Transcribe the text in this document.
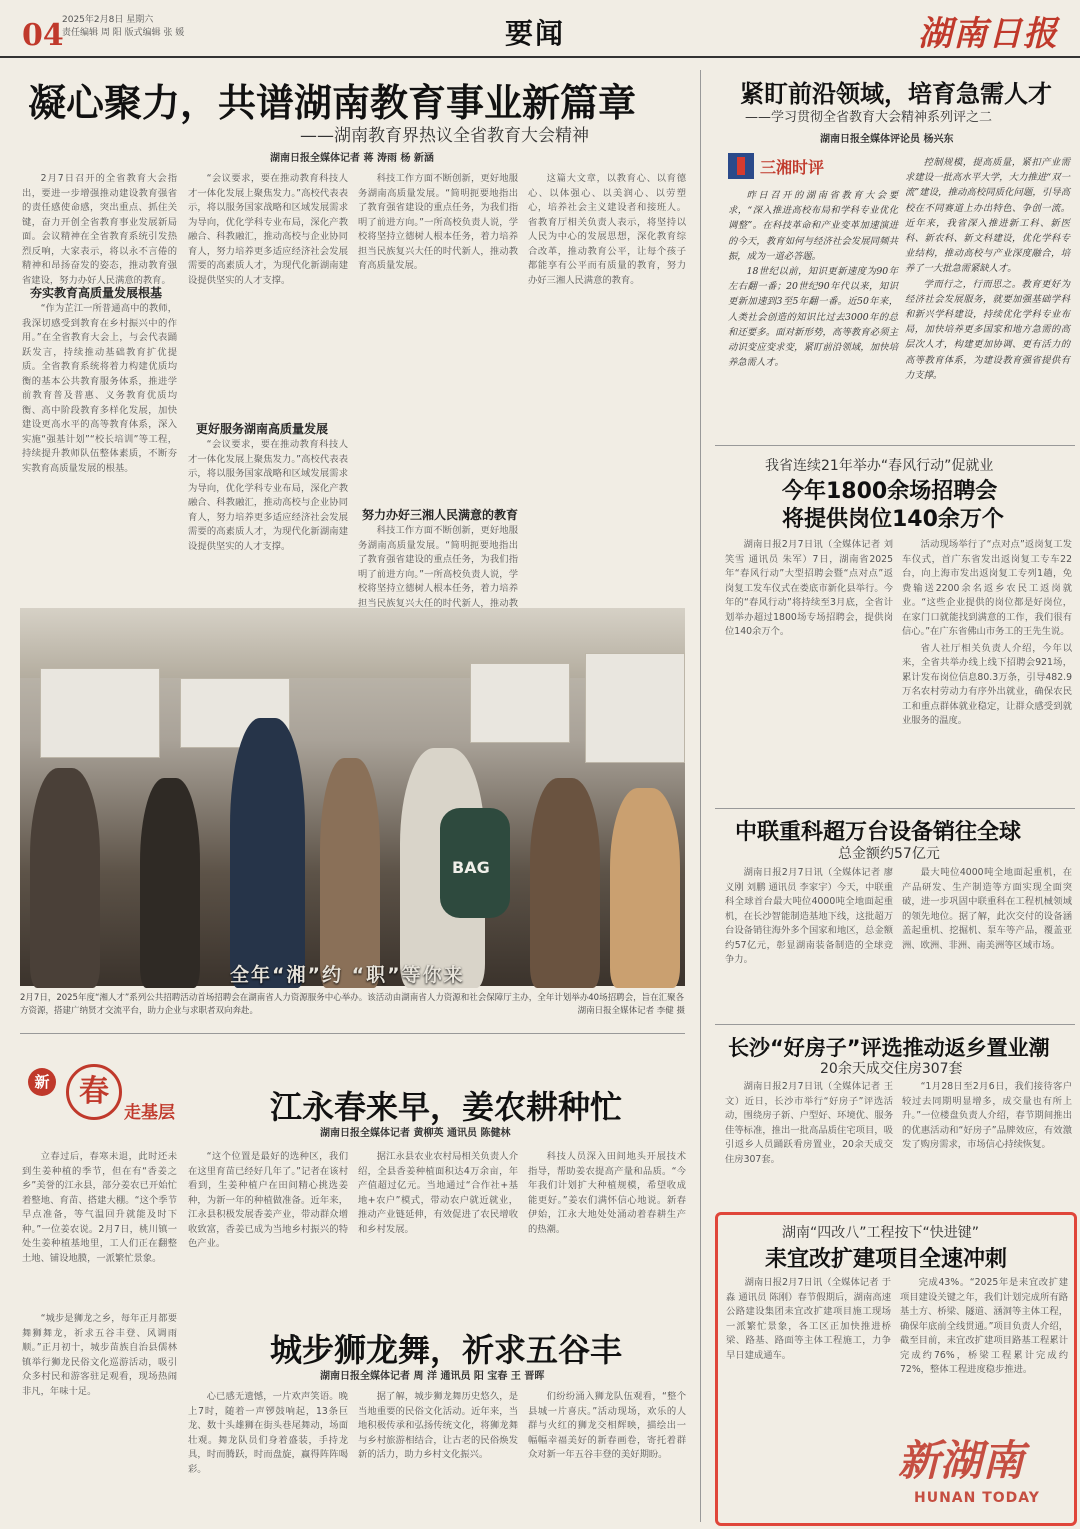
04
2025年2月8日 星期六
责任编辑 周 阳 版式编辑 张 媛	要闻	湖南日报
凝心聚力，共谱湖南教育事业新篇章
——湖南教育界热议全省教育大会精神
湖南日报全媒体记者 蒋 涛雨 杨 新涵

2月7日召开的全省教育大会指出，要进一步增强推动建设教育强省的责任感使命感，突出重点、抓住关键，奋力开创全省教育事业发展新局面。会议精神在全省教育系统引发热烈反响，大家表示，将以永不言倦的精神和昂扬奋发的姿态，推动教育强省建设，努力办好人民满意的教育。

夯实教育高质量发展根基

“作为芷江一所普通高中的教师，我深切感受到教育在乡村振兴中的作用。”在全省教育大会上，与会代表踊跃发言，持续推动基础教育扩优提质。全省教育系统将着力构建优质均衡的基本公共教育服务体系，推进学前教育普及普惠、义务教育优质均衡、高中阶段教育多样化发展，加快建设更高水平的高等教育体系，深入实施“强基计划”“校长培训”等工程，持续提升教师队伍整体素质，不断夯实教育高质量发展的根基。

“会议要求，要在推动教育科技人才一体化发展上聚焦发力。”高校代表表示，将以服务国家战略和区域发展需求为导向，优化学科专业布局，深化产教融合、科教融汇，推动高校与企业协同育人，努力培养更多适应经济社会发展需要的高素质人才，为现代化新湖南建设提供坚实的人才支撑。

更好服务湖南高质量发展

“会议要求，要在推动教育科技人才一体化发展上聚焦发力。”高校代表表示，将以服务国家战略和区域发展需求为导向，优化学科专业布局，深化产教融合、科教融汇，推动高校与企业协同育人，努力培养更多适应经济社会发展需要的高素质人才，为现代化新湖南建设提供坚实的人才支撑。

科技工作方面不断创新，更好地服务湖南高质量发展。“简明扼要地指出了教育强省建设的重点任务，为我们指明了前进方向。”一所高校负责人说，学校将坚持立德树人根本任务，着力培养担当民族复兴大任的时代新人，推动教育高质量发展。

努力办好三湘人民满意的教育

科技工作方面不断创新，更好地服务湖南高质量发展。“简明扼要地指出了教育强省建设的重点任务，为我们指明了前进方向。”一所高校负责人说，学校将坚持立德树人根本任务，着力培养担当民族复兴大任的时代新人，推动教

这篇大文章，以教育心、以育德心、以体强心、以美润心、以劳塑心，培养社会主义建设者和接班人。省教育厅相关负责人表示，将坚持以人民为中心的发展思想，深化教育综合改革，推动教育公平，让每个孩子都能享有公平而有质量的教育，努力办好三湘人民满意的教育。

BAG
全年“湘”约 “职”等你来
2月7日，2025年度“湘人才”系列公共招聘活动首场招聘会在湖南省人力资源服务中心举办。该活动由湖南省人力资源和社会保障厅主办，全年计划举办40场招聘会，旨在汇聚各方资源，搭建广纳贤才交流平台，助力企业与求职者双向奔赴。	湖南日报全媒体记者 李健 摄
紧盯前沿领域，培育急需人才
——学习贯彻全省教育大会精神系列评之二
湖南日报全媒体评论员 杨兴东
三湘时评

昨日召开的湖南省教育大会要求，“深入推进高校布局和学科专业优化调整”。在科技革命和产业变革加速演进的今天，教育如何与经济社会发展同频共振，成为一道必答题。

18世纪以前，知识更新速度为90年左右翻一番；20世纪90年代以来，知识更新加速到3至5年翻一番。近50年来，人类社会创造的知识比过去3000年的总和还要多。面对新形势，高等教育必须主动识变应变求变，紧盯前沿领域，加快培养急需人才。

控制规模，提高质量，紧扣产业需求建设一批高水平大学，大力推进“双一流”建设，推动高校同质化问题，引导高校在不同赛道上办出特色、争创一流。近年来，我省深入推进新工科、新医科、新农科、新文科建设，优化学科专业结构，推动高校与产业深度融合，培养了一大批急需紧缺人才。

学而行之，行而思之。教育更好为经济社会发展服务，就要加强基础学科和新兴学科建设，持续优化学科专业布局，加快培养更多国家和地方急需的高层次人才，构建更加协调、更有活力的高等教育体系，为建设教育强省提供有力支撑。

我省连续21年举办“春风行动”促就业
今年1800余场招聘会
将提供岗位140余万个

湖南日报2月7日讯（全媒体记者 刘笑雪 通讯员 朱军）7日，湖南省2025年“春风行动”大型招聘会暨“点对点”返岗复工发车仪式在娄底市新化县举行。今年的“春风行动”将持续至3月底，全省计划举办超过1800场专场招聘会，提供岗位140余万个。

活动现场举行了“点对点”返岗复工发车仪式，首广东省发出返岗复工专车22台，向上海市发出返岗复工专列1趟，免费输送2200余名返乡农民工返岗就业。“这些企业提供的岗位都是好岗位，在家门口就能找到满意的工作，我们很有信心。”在广东省佛山市务工的王先生说。

省人社厅相关负责人介绍，今年以来，全省共举办线上线下招聘会921场，累计发布岗位信息80.3万条，引导482.9万名农村劳动力有序外出就业，确保农民工和重点群体就业稳定，让群众感受到就业服务的温度。

中联重科超万台设备销往全球
总金额约57亿元

湖南日报2月7日讯（全媒体记者 廖义刚 刘鹏 通讯员 李家宇）今天，中联重科全球首台最大吨位4000吨全地面起重机，在长沙智能制造基地下线，这批超万台设备销往海外多个国家和地区，总金额约57亿元，彰显湖南装备制造的全球竞争力。

最大吨位4000吨全地面起重机，在产品研发、生产制造等方面实现全面突破，进一步巩固中联重科在工程机械领域的领先地位。据了解，此次交付的设备涵盖起重机、挖掘机、泵车等产品，覆盖亚洲、欧洲、非洲、南美洲等区域市场。

长沙“好房子”评选推动返乡置业潮
20余天成交住房307套

湖南日报2月7日讯（全媒体记者 王文）近日，长沙市举行“好房子”评选活动，围绕房子新、户型好、环境优、服务佳等标准，推出一批高品质住宅项目，吸引返乡人员踊跃看房置业，20余天成交住房307套。

“1月28日至2月6日，我们接待客户较过去同期明显增多，成交量也有所上升。”一位楼盘负责人介绍，春节期间推出的优惠活动和“好房子”品牌效应，有效激发了购房需求，市场信心持续恢复。

湖南“四改八”工程按下“快进键”
耒宜改扩建项目全速冲刺

湖南日报2月7日讯（全媒体记者 于淼 通讯员 陈刚）春节假期后，湖南高速公路建设集团耒宜改扩建项目施工现场一派繁忙景象，各工区正加快推进桥梁、路基、路面等主体工程施工，力争早日建成通车。

完成43%。“2025年是耒宜改扩建项目建设关键之年，我们计划完成所有路基土方、桥梁、隧道、涵洞等主体工程，确保年底前全线贯通。”项目负责人介绍，截至目前，耒宜改扩建项目路基工程累计完成约76%，桥梁工程累计完成约72%，整体工程进度稳步推进。

新 春
走基层	江永春来早，姜农耕种忙
湖南日报全媒体记者 黄柳英 通讯员 陈健林

立春过后，春寒未退，此时还未到生姜种植的季节，但在有“香姜之乡”美誉的江永县，部分姜农已开始忙着整地、育苗、搭建大棚。“这个季节早点准备，等气温回升就能及时下种。”一位姜农说。2月7日，桃川镇一处生姜种植基地里，工人们正在翻整土地、铺设地膜，一派繁忙景象。

“这个位置是最好的选种区，我们在这里育苗已经好几年了。”记者在该村看到，生姜种植户在田间精心挑选姜种，为新一年的种植做准备。近年来，江永县积极发展香姜产业，带动群众增收致富，香姜已成为当地乡村振兴的特色产业。

据江永县农业农村局相关负责人介绍，全县香姜种植面积达4万余亩，年产值超过亿元。当地通过“合作社+基地+农户”模式，带动农户就近就业，推动产业链延伸，有效促进了农民增收和乡村发展。

科技人员深入田间地头开展技术指导，帮助姜农提高产量和品质。“今年我们计划扩大种植规模，希望收成能更好。”姜农们满怀信心地说。新春伊始，江永大地处处涌动着春耕生产的热潮。

“城步是狮龙之乡，每年正月都要舞狮舞龙，祈求五谷丰登、风调雨顺。”正月初十，城步苗族自治县儒林镇举行狮龙民俗文化巡游活动，吸引众多村民和游客驻足观看，现场热闹非凡，年味十足。

城步狮龙舞，祈求五谷丰
湖南日报全媒体记者 周 洋 通讯员 阳 宝春 王 晋晖

心已感无遗憾，一片欢声笑语。晚上7时，随着一声锣鼓响起，13条巨龙、数十头雄狮在街头巷尾舞动，场面壮观。舞龙队员们身着盛装，手持龙具，时而腾跃，时而盘旋，赢得阵阵喝彩。

据了解，城步狮龙舞历史悠久，是当地重要的民俗文化活动。近年来，当地积极传承和弘扬传统文化，将狮龙舞与乡村旅游相结合，让古老的民俗焕发新的活力，助力乡村文化振兴。

们纷纷涌入狮龙队伍观看，“整个县城一片喜庆。”活动现场，欢乐的人群与火红的狮龙交相辉映，描绘出一幅幅幸福美好的新春画卷，寄托着群众对新一年五谷丰登的美好期盼。	新湖南
HUNAN TODAY
